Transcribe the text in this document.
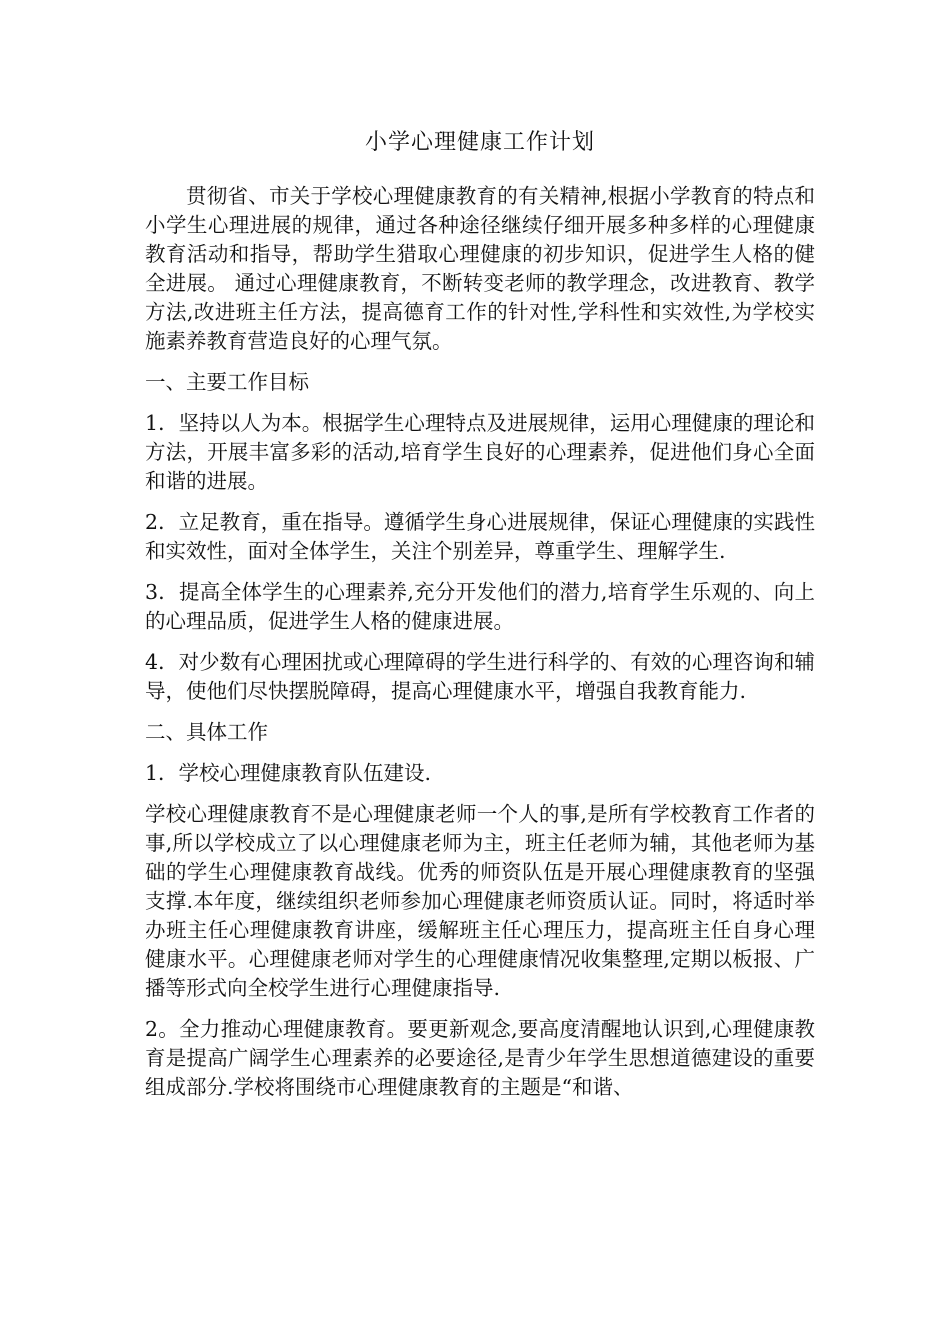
小学心理健康工作计划

贯彻省、市关于学校心理健康教育的有关精神,根据小学教育的特点和小学生心理进展的规律，通过各种途径继续仔细开展多种多样的心理健康教育活动和指导，帮助学生猎取心理健康的初步知识，促进学生人格的健全进展。 通过心理健康教育，不断转变老师的教学理念，改进教育、教学方法,改进班主任方法，提高德育工作的针对性,学科性和实效性,为学校实施素养教育营造良好的心理气氛。

一、主要工作目标

1．坚持以人为本。根据学生心理特点及进展规律，运用心理健康的理论和方法，开展丰富多彩的活动,培育学生良好的心理素养，促进他们身心全面和谐的进展。

2．立足教育，重在指导。遵循学生身心进展规律，保证心理健康的实践性和实效性，面对全体学生，关注个别差异，尊重学生、理解学生.

3．提高全体学生的心理素养,充分开发他们的潜力,培育学生乐观的、向上的心理品质，促进学生人格的健康进展。

4．对少数有心理困扰或心理障碍的学生进行科学的、有效的心理咨询和辅导，使他们尽快摆脱障碍，提高心理健康水平，增强自我教育能力.

二、具体工作

1．学校心理健康教育队伍建设.

学校心理健康教育不是心理健康老师一个人的事,是所有学校教育工作者的事,所以学校成立了以心理健康老师为主，班主任老师为辅，其他老师为基础的学生心理健康教育战线。优秀的师资队伍是开展心理健康教育的坚强支撑.本年度，继续组织老师参加心理健康老师资质认证。同时，将适时举办班主任心理健康教育讲座，缓解班主任心理压力，提高班主任自身心理健康水平。心理健康老师对学生的心理健康情况收集整理,定期以板报、广播等形式向全校学生进行心理健康指导.

2。全力推动心理健康教育。要更新观念,要高度清醒地认识到,心理健康教育是提高广阔学生心理素养的必要途径,是青少年学生思想道德建设的重要组成部分.学校将围绕市心理健康教育的主题是“和谐、
